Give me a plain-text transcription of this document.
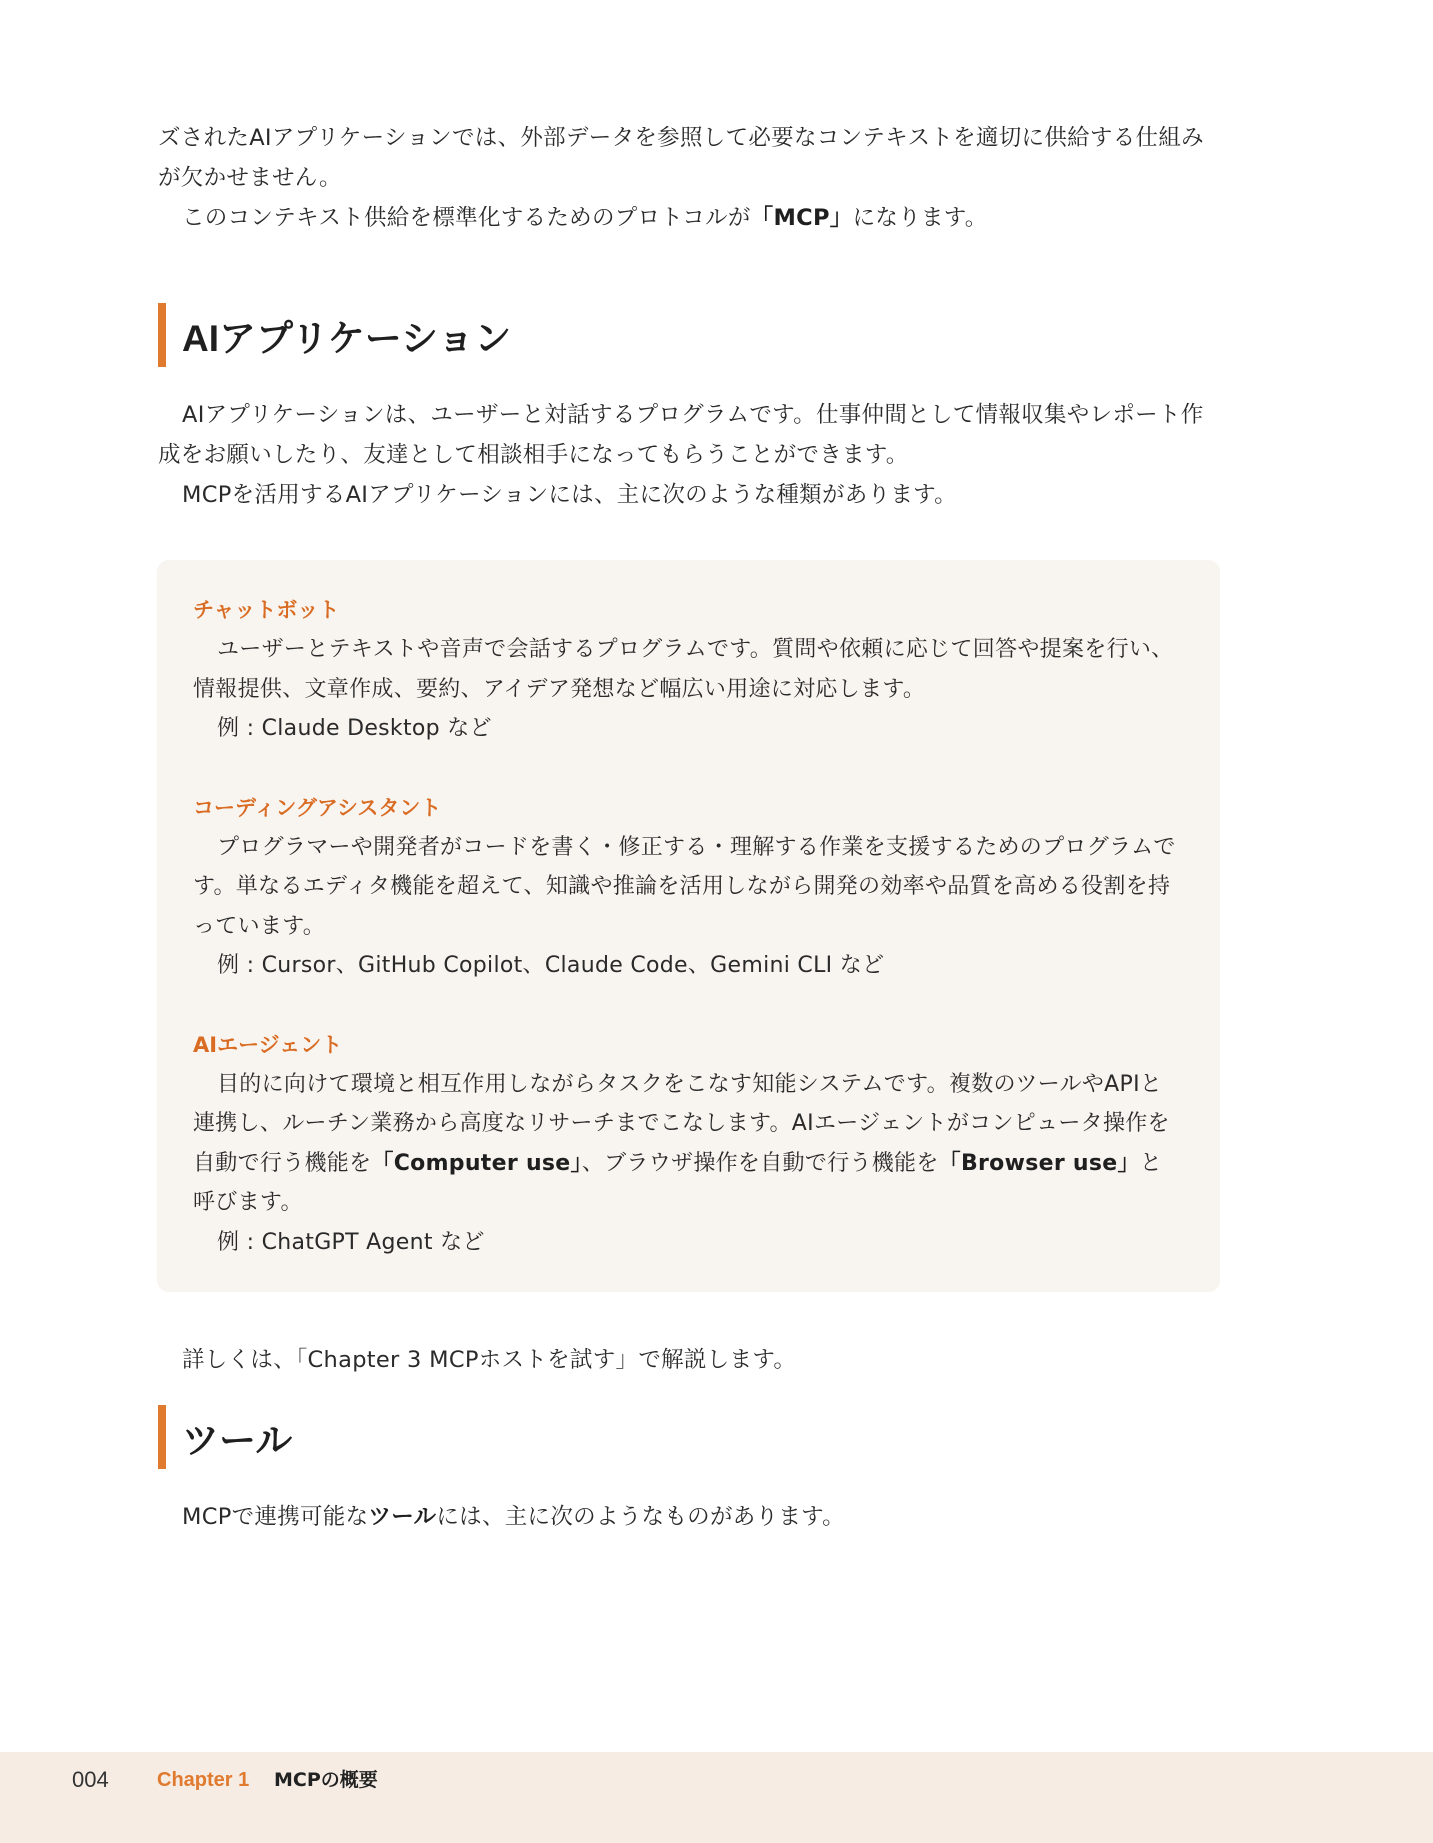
ズされたAIアプリケーションでは、外部データを参照して必要なコンテキストを適切に供給する仕組みが欠かせません。

このコンテキスト供給を標準化するためのプロトコルが「MCP」になります。

AIアプリケーション

AIアプリケーションは、ユーザーと対話するプログラムです。仕事仲間として情報収集やレポート作成をお願いしたり、友達として相談相手になってもらうことができます。

MCPを活用するAIアプリケーションには、主に次のような種類があります。

チャットボット

ユーザーとテキストや音声で会話するプログラムです。質問や依頼に応じて回答や提案を行い、情報提供、文章作成、要約、アイデア発想など幅広い用途に対応します。

例 : Claude Desktop など

コーディングアシスタント

プログラマーや開発者がコードを書く・修正する・理解する作業を支援するためのプログラムです。単なるエディタ機能を超えて、知識や推論を活用しながら開発の効率や品質を高める役割を持っています。

例 : Cursor、GitHub Copilot、Claude Code、Gemini CLI など

AIエージェント

目的に向けて環境と相互作用しながらタスクをこなす知能システムです。複数のツールやAPIと連携し、ルーチン業務から高度なリサーチまでこなします。AIエージェントがコンピュータ操作を自動で行う機能を「Computer use」、ブラウザ操作を自動で行う機能を「Browser use」と呼びます。

例 : ChatGPT Agent など

詳しくは、「Chapter 3 MCPホストを試す」で解説します。

ツール

MCPで連携可能なツールには、主に次のようなものがあります。

004 Chapter 1 MCPの概要
